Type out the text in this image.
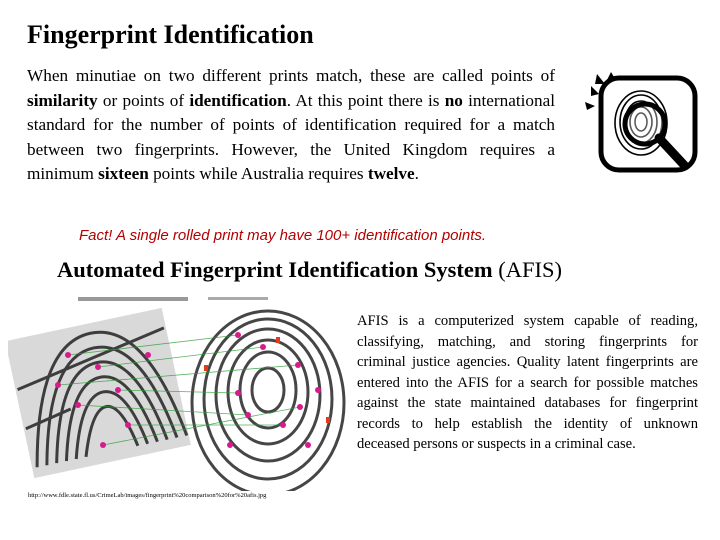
Fingerprint Identification
When minutiae on two different prints match, these are called points of similarity or points of identification. At this point there is no international standard for the number of points of identification required for a match between two fingerprints. However, the United Kingdom requires a minimum sixteen points while Australia requires twelve.
Fact! A single rolled print may have 100+ identification points.
Automated Fingerprint Identification System (AFIS)
AFIS is a computerized system capable of reading, classifying, matching, and storing fingerprints for criminal justice agencies. Quality latent fingerprints are entered into the AFIS for a search for possible matches against the state maintained databases for fingerprint records to help establish the identity of unknown deceased persons or suspects in a criminal case.
http://www.fdle.state.fl.us/CrimeLab/images/fingerprint%20comparison%20for%20afis.jpg
